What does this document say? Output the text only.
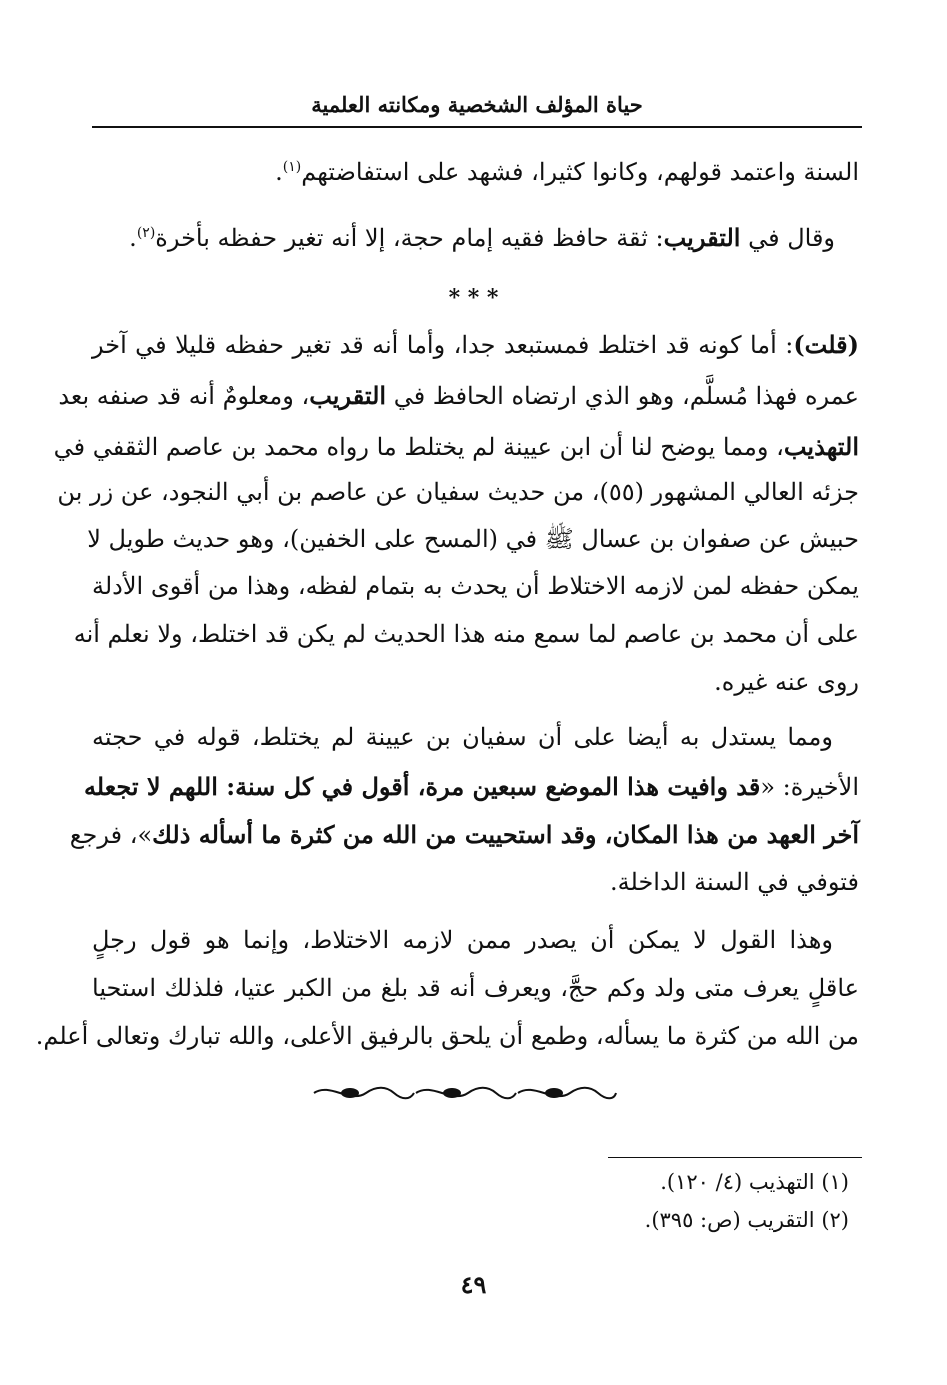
حياة المؤلف الشخصية ومكانته العلمية
السنة واعتمد قولهم، وكانوا كثيرا، فشهد على استفاضتهم$^{(١)}$.
وقال في التقريب: ثقة حافظ فقيه إمام حجة، إلا أنه تغير حفظه بأخرة$^{(٢)}$.
* * *
(قلت): أما كونه قد اختلط فمستبعد جدا، وأما أنه قد تغير حفظه قليلا في آخر
عمره فهذا مُسلَّم، وهو الذي ارتضاه الحافظ في التقريب، ومعلومٌ أنه قد صنفه بعد
التهذيب، ومما يوضح لنا أن ابن عيينة لم يختلط ما رواه محمد بن عاصم الثقفي في
جزئه العالي المشهور (٥٥)، من حديث سفيان عن عاصم بن أبي النجود، عن زر بن
حبيش عن صفوان بن عسال ﷺ في (المسح على الخفين)، وهو حديث طويل لا
يمكن حفظه لمن لازمه الاختلاط أن يحدث به بتمام لفظه، وهذا من أقوى الأدلة
على أن محمد بن عاصم لما سمع منه هذا الحديث لم يكن قد اختلط، ولا نعلم أنه
روى عنه غيره.
ومما يستدل به أيضا على أن سفيان بن عيينة لم يختلط، قوله في حجته
الأخيرة: «قد وافيت هذا الموضع سبعين مرة، أقول في كل سنة: اللهم لا تجعله
آخر العهد من هذا المكان، وقد استحييت من الله من كثرة ما أسأله ذلك»، فرجع
فتوفي في السنة الداخلة.
وهذا القول لا يمكن أن يصدر ممن لازمه الاختلاط، وإنما هو قول رجلٍ
عاقلٍ يعرف متى ولد وكم حجَّ، ويعرف أنه قد بلغ من الكبر عتيا، فلذلك استحيا
من الله من كثرة ما يسأله، وطمع أن يلحق بالرفيق الأعلى، والله تبارك وتعالى أعلم.
(١) التهذيب (٤/ ١٢٠).
(٢) التقريب (ص: ٣٩٥).
٤٩
